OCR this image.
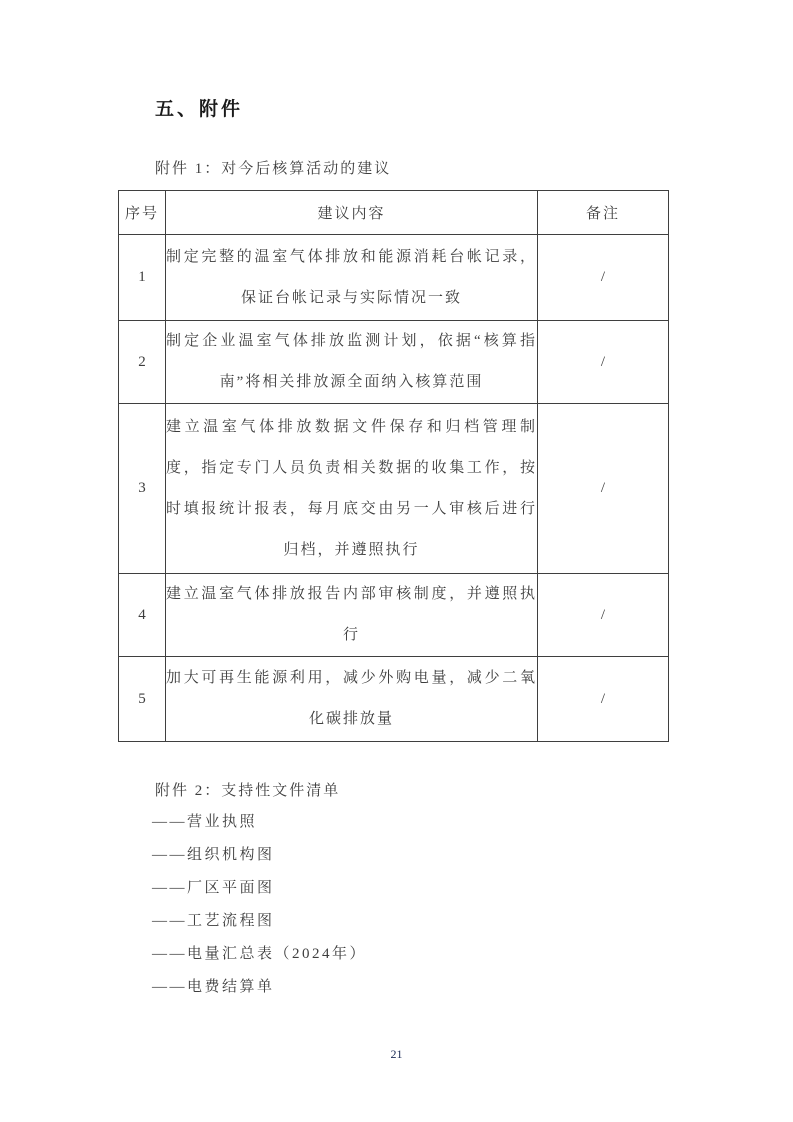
五、附件
附件 1：对今后核算活动的建议
序号	建议内容	备注
1	制定完整的温室气体排放和能源消耗台帐记录，保证台帐记录与实际情况一致	/
2	制定企业温室气体排放监测计划，依据“核算指南”将相关排放源全面纳入核算范围	/
3	建立温室气体排放数据文件保存和归档管理制度，指定专门人员负责相关数据的收集工作，按时填报统计报表，每月底交由另一人审核后进行归档，并遵照执行	/
4	建立温室气体排放报告内部审核制度，并遵照执行	/
5	加大可再生能源利用，减少外购电量，减少二氧化碳排放量	/
附件 2：支持性文件清单
——营业执照
——组织机构图
——厂区平面图
——工艺流程图
——电量汇总表（2024年）
——电费结算单
21
